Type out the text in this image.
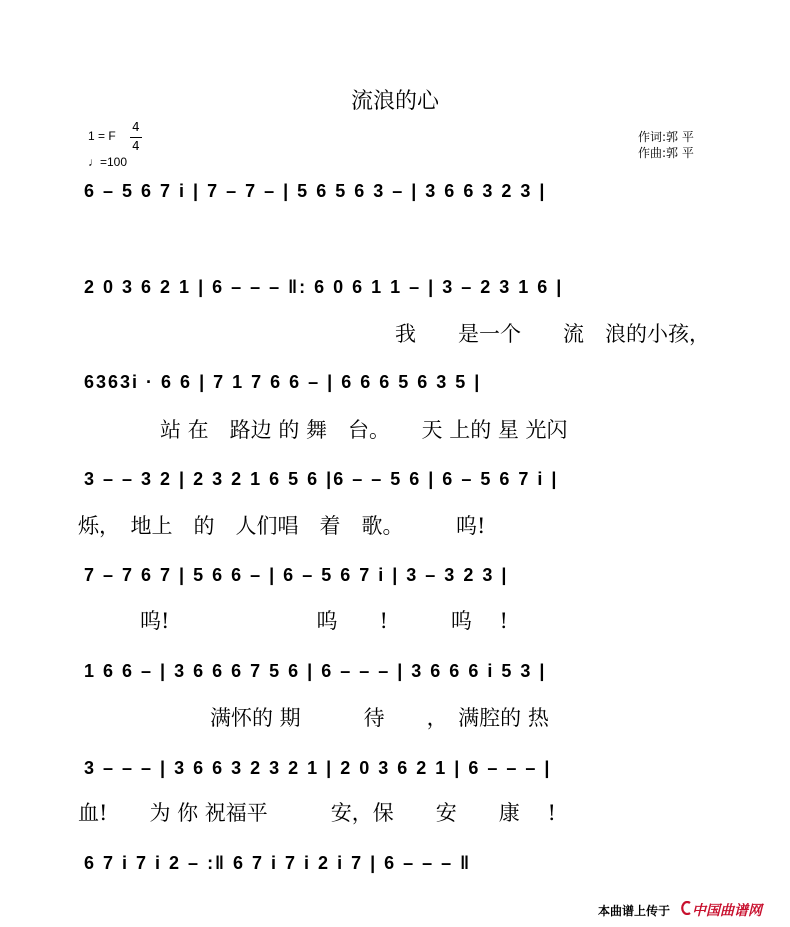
流浪的心
1 = F
4
4
♩=100
作词:郭 平
作曲:郭 平
6 – 5 6 7 i | 7 – 7 – | 5 6 5 6 3 – | 3 6 6 3 2 3 |
2 0 3 6 2 1 | 6 – – – ‖: 6 0 6 1 1 – | 3 – 2 3 1 6 |
我　　是一个　　流　浪的小孩，
6363i · 6 6 | 7 1 7 6 6 – | 6 6 6 5 6 3 5 |
站 在　路边 的 舞　台。　　天 上的 星 光闪
3 – – 3 2 | 2 3 2 1 6 5 6 |6 – – 5 6 | 6 – 5 6 7 i |
烁，　地上　的　人们唱　着　歌。　　　呜!
7 – 7 6 7 | 5 6 6 – | 6 – 5 6 7 i | 3 – 3 2 3 |
呜!　　　　　　　呜　　!　　　呜　 !
1 6 6 – | 3 6 6 6 7 5 6 | 6 – – – | 3 6 6 6 i 5 3 |
满怀的 期　　　待　　，　满腔的 热
3 – – – | 3 6 6 3 2 3 2 1 | 2 0 3 6 2 1 | 6 – – – |
血!　　为 你 祝福平　　　安，保　　安　　康　 !
6 7 i 7 i 2 – :‖ 6 7 i 7 i 2 i 7 | 6 – – – ‖
本曲谱上传于 中国曲谱网
